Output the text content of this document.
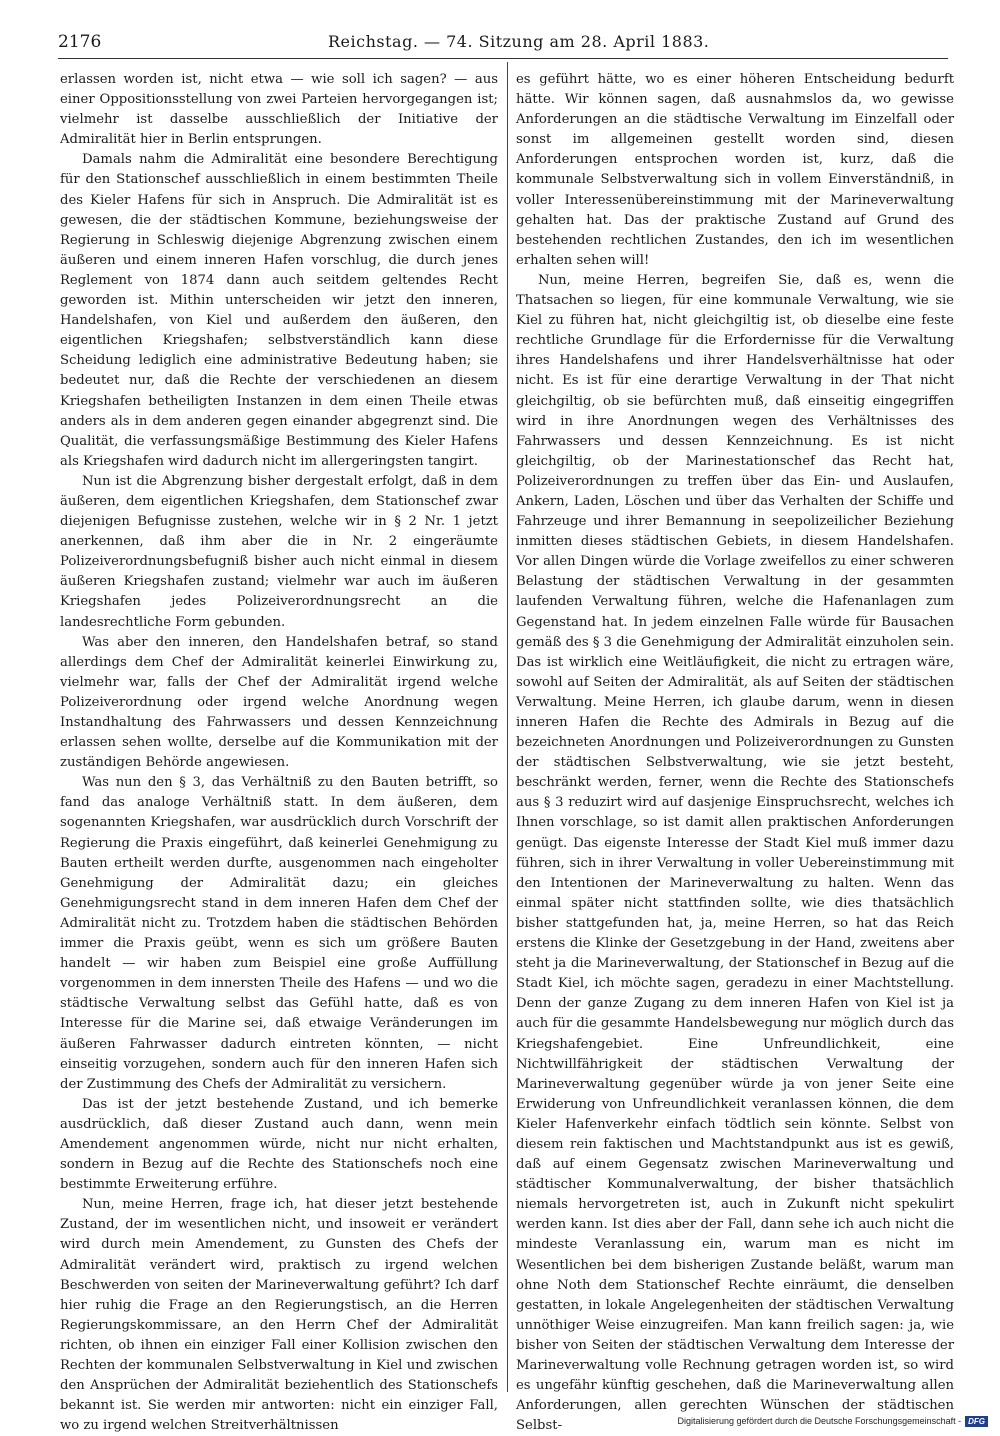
2176	Reichstag. — 74. Sitzung am 28. April 1883.

erlassen worden ist, nicht etwa — wie soll ich sagen? — aus einer Oppositionsstellung von zwei Parteien hervorgegangen ist; vielmehr ist dasselbe ausschließlich der Initiative der Admiralität hier in Berlin entsprungen.

Damals nahm die Admiralität eine besondere Berechtigung für den Stationschef ausschließlich in einem bestimmten Theile des Kieler Hafens für sich in Anspruch. Die Admiralität ist es gewesen, die der städtischen Kommune, beziehungsweise der Regierung in Schleswig diejenige Abgrenzung zwischen einem äußeren und einem inneren Hafen vorschlug, die durch jenes Reglement von 1874 dann auch seitdem geltendes Recht geworden ist. Mithin unterscheiden wir jetzt den inneren, Handelshafen, von Kiel und außerdem den äußeren, den eigentlichen Kriegshafen; selbstverständlich kann diese Scheidung lediglich eine administrative Bedeutung haben; sie bedeutet nur, daß die Rechte der verschiedenen an diesem Kriegshafen betheiligten Instanzen in dem einen Theile etwas anders als in dem anderen gegen einander abgegrenzt sind. Die Qualität, die verfassungsmäßige Bestimmung des Kieler Hafens als Kriegshafen wird dadurch nicht im allergeringsten tangirt.

Nun ist die Abgrenzung bisher dergestalt erfolgt, daß in dem äußeren, dem eigentlichen Kriegshafen, dem Stationschef zwar diejenigen Befugnisse zustehen, welche wir in § 2 Nr. 1 jetzt anerkennen, daß ihm aber die in Nr. 2 eingeräumte Polizeiverordnungsbefugniß bisher auch nicht einmal in diesem äußeren Kriegshafen zustand; vielmehr war auch im äußeren Kriegshafen jedes Polizeiverordnungsrecht an die landesrechtliche Form gebunden.

Was aber den inneren, den Handelshafen betraf, so stand allerdings dem Chef der Admiralität keinerlei Einwirkung zu, vielmehr war, falls der Chef der Admiralität irgend welche Polizeiverordnung oder irgend welche Anordnung wegen Instandhaltung des Fahrwassers und dessen Kennzeichnung erlassen sehen wollte, derselbe auf die Kommunikation mit der zuständigen Behörde angewiesen.

Was nun den § 3, das Verhältniß zu den Bauten betrifft, so fand das analoge Verhältniß statt. In dem äußeren, dem sogenannten Kriegshafen, war ausdrücklich durch Vorschrift der Regierung die Praxis eingeführt, daß keinerlei Genehmigung zu Bauten ertheilt werden durfte, ausgenommen nach eingeholter Genehmigung der Admiralität dazu; ein gleiches Genehmigungsrecht stand in dem inneren Hafen dem Chef der Admiralität nicht zu. Trotzdem haben die städtischen Behörden immer die Praxis geübt, wenn es sich um größere Bauten handelt — wir haben zum Beispiel eine große Auffüllung vorgenommen in dem innersten Theile des Hafens — und wo die städtische Verwaltung selbst das Gefühl hatte, daß es von Interesse für die Marine sei, daß etwaige Veränderungen im äußeren Fahrwasser dadurch eintreten könnten, — nicht einseitig vorzugehen, sondern auch für den inneren Hafen sich der Zustimmung des Chefs der Admiralität zu versichern.

Das ist der jetzt bestehende Zustand, und ich bemerke ausdrücklich, daß dieser Zustand auch dann, wenn mein Amendement angenommen würde, nicht nur nicht erhalten, sondern in Bezug auf die Rechte des Stationschefs noch eine bestimmte Erweiterung erführe.

Nun, meine Herren, frage ich, hat dieser jetzt bestehende Zustand, der im wesentlichen nicht, und insoweit er verändert wird durch mein Amendement, zu Gunsten des Chefs der Admiralität verändert wird, praktisch zu irgend welchen Beschwerden von seiten der Marineverwaltung geführt? Ich darf hier ruhig die Frage an den Regierungstisch, an die Herren Regierungskommissare, an den Herrn Chef der Admiralität richten, ob ihnen ein einziger Fall einer Kollision zwischen den Rechten der kommunalen Selbstverwaltung in Kiel und zwischen den Ansprüchen der Admiralität beziehentlich des Stationschefs bekannt ist. Sie werden mir antworten: nicht ein einziger Fall, wo zu irgend welchen Streitverhältnissen

es geführt hätte, wo es einer höheren Entscheidung bedurft hätte. Wir können sagen, daß ausnahmslos da, wo gewisse Anforderungen an die städtische Verwaltung im Einzelfall oder sonst im allgemeinen gestellt worden sind, diesen Anforderungen entsprochen worden ist, kurz, daß die kommunale Selbstverwaltung sich in vollem Einverständniß, in voller Interessenübereinstimmung mit der Marineverwaltung gehalten hat. Das der praktische Zustand auf Grund des bestehenden rechtlichen Zustandes, den ich im wesentlichen erhalten sehen will!

Nun, meine Herren, begreifen Sie, daß es, wenn die Thatsachen so liegen, für eine kommunale Verwaltung, wie sie Kiel zu führen hat, nicht gleichgiltig ist, ob dieselbe eine feste rechtliche Grundlage für die Erfordernisse für die Verwaltung ihres Handelshafens und ihrer Handelsverhältnisse hat oder nicht. Es ist für eine derartige Verwaltung in der That nicht gleichgiltig, ob sie befürchten muß, daß einseitig eingegriffen wird in ihre Anordnungen wegen des Verhältnisses des Fahrwassers und dessen Kennzeichnung. Es ist nicht gleichgiltig, ob der Marinestationschef das Recht hat, Polizeiverordnungen zu treffen über das Ein- und Auslaufen, Ankern, Laden, Löschen und über das Verhalten der Schiffe und Fahrzeuge und ihrer Bemannung in seepolizeilicher Beziehung inmitten dieses städtischen Gebiets, in diesem Handelshafen. Vor allen Dingen würde die Vorlage zweifellos zu einer schweren Belastung der städtischen Verwaltung in der gesammten laufenden Verwaltung führen, welche die Hafenanlagen zum Gegenstand hat. In jedem einzelnen Falle würde für Bausachen gemäß des § 3 die Genehmigung der Admiralität einzuholen sein. Das ist wirklich eine Weitläufigkeit, die nicht zu ertragen wäre, sowohl auf Seiten der Admiralität, als auf Seiten der städtischen Verwaltung. Meine Herren, ich glaube darum, wenn in diesen inneren Hafen die Rechte des Admirals in Bezug auf die bezeichneten Anordnungen und Polizeiverordnungen zu Gunsten der städtischen Selbstverwaltung, wie sie jetzt besteht, beschränkt werden, ferner, wenn die Rechte des Stationschefs aus § 3 reduzirt wird auf dasjenige Einspruchsrecht, welches ich Ihnen vorschlage, so ist damit allen praktischen Anforderungen genügt. Das eigenste Interesse der Stadt Kiel muß immer dazu führen, sich in ihrer Verwaltung in voller Uebereinstimmung mit den Intentionen der Marineverwaltung zu halten. Wenn das einmal später nicht stattfinden sollte, wie dies thatsächlich bisher stattgefunden hat, ja, meine Herren, so hat das Reich erstens die Klinke der Gesetzgebung in der Hand, zweitens aber steht ja die Marineverwaltung, der Stationschef in Bezug auf die Stadt Kiel, ich möchte sagen, geradezu in einer Machtstellung. Denn der ganze Zugang zu dem inneren Hafen von Kiel ist ja auch für die gesammte Handelsbewegung nur möglich durch das Kriegshafengebiet. Eine Unfreundlichkeit, eine Nichtwillfährigkeit der städtischen Verwaltung der Marineverwaltung gegenüber würde ja von jener Seite eine Erwiderung von Unfreundlichkeit veranlassen können, die dem Kieler Hafenverkehr einfach tödtlich sein könnte. Selbst von diesem rein faktischen und Machtstandpunkt aus ist es gewiß, daß auf einem Gegensatz zwischen Marineverwaltung und städtischer Kommunalverwaltung, der bisher thatsächlich niemals hervorgetreten ist, auch in Zukunft nicht spekulirt werden kann. Ist dies aber der Fall, dann sehe ich auch nicht die mindeste Veranlassung ein, warum man es nicht im Wesentlichen bei dem bisherigen Zustande beläßt, warum man ohne Noth dem Stationschef Rechte einräumt, die denselben gestatten, in lokale Angelegenheiten der städtischen Verwaltung unnöthiger Weise einzugreifen. Man kann freilich sagen: ja, wie bisher von Seiten der städtischen Verwaltung dem Interesse der Marineverwaltung volle Rechnung getragen worden ist, so wird es ungefähr künftig geschehen, daß die Marineverwaltung allen Anforderungen, allen gerechten Wünschen der städtischen Selbst-	Digitalisierung gefördert durch die Deutsche Forschungsgemeinschaft - DFG
